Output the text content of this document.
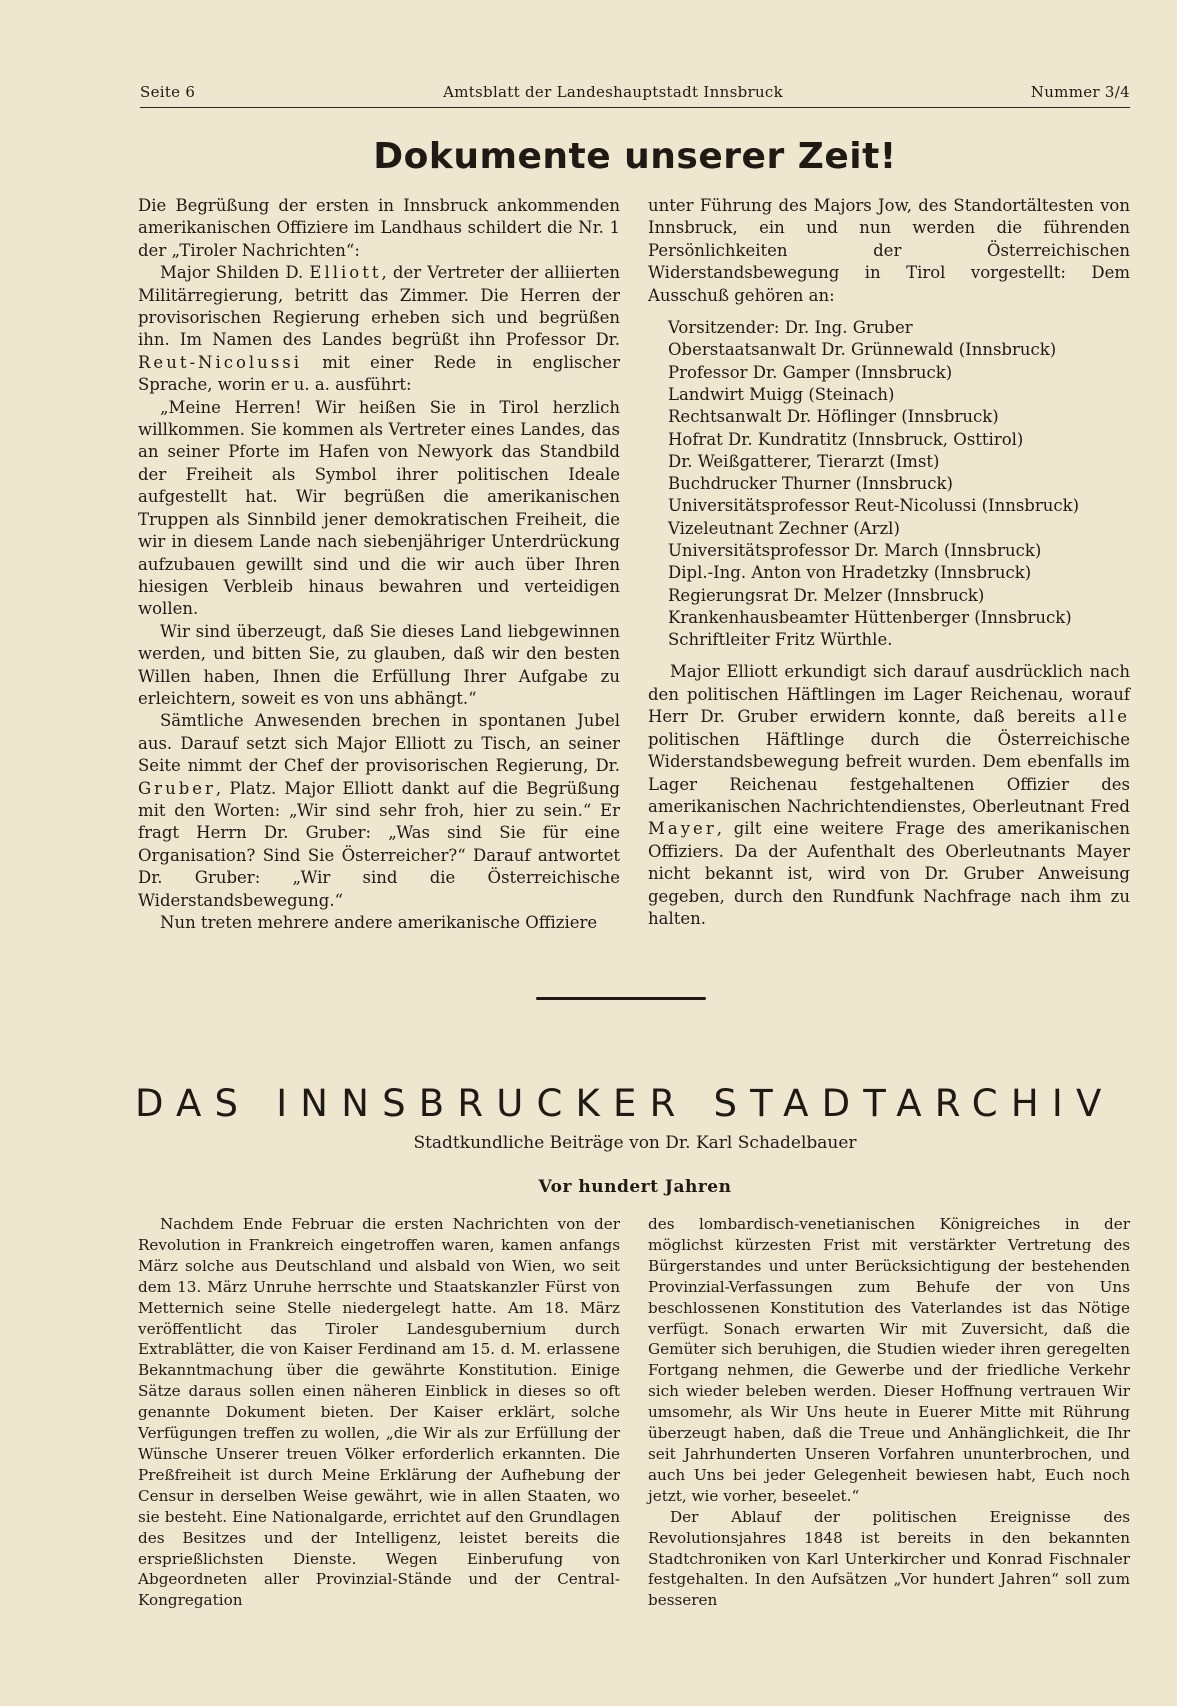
Seite 6	Amtsblatt der Landeshauptstadt Innsbruck	Nummer 3/4
Dokumente unserer Zeit!

Die Begrüßung der ersten in Innsbruck ankommenden amerikanischen Offiziere im Landhaus schildert die Nr. 1 der „Tiroler Nachrichten“:

Major Shilden D. Elliott, der Vertreter der alliierten Militärregierung, betritt das Zimmer. Die Herren der provisorischen Regierung erheben sich und begrüßen ihn. Im Namen des Landes begrüßt ihn Professor Dr. Reut-Nicolussi mit einer Rede in englischer Sprache, worin er u. a. ausführt:

„Meine Herren! Wir heißen Sie in Tirol herzlich willkommen. Sie kommen als Vertreter eines Landes, das an seiner Pforte im Hafen von Newyork das Standbild der Freiheit als Symbol ihrer politischen Ideale aufgestellt hat. Wir begrüßen die amerikanischen Truppen als Sinnbild jener demokratischen Freiheit, die wir in diesem Lande nach siebenjähriger Unterdrückung aufzubauen gewillt sind und die wir auch über Ihren hiesigen Verbleib hinaus bewahren und verteidigen wollen.

Wir sind überzeugt, daß Sie dieses Land liebgewinnen werden, und bitten Sie, zu glauben, daß wir den besten Willen haben, Ihnen die Erfüllung Ihrer Aufgabe zu erleichtern, soweit es von uns abhängt.“

Sämtliche Anwesenden brechen in spontanen Jubel aus. Darauf setzt sich Major Elliott zu Tisch, an seiner Seite nimmt der Chef der provisorischen Regierung, Dr. Gruber, Platz. Major Elliott dankt auf die Begrüßung mit den Worten: „Wir sind sehr froh, hier zu sein.“ Er fragt Herrn Dr. Gruber: „Was sind Sie für eine Organisation? Sind Sie Österreicher?“ Darauf antwortet Dr. Gruber: „Wir sind die Österreichische Widerstandsbewegung.“

Nun treten mehrere andere amerikanische Offiziere

unter Führung des Majors Jow, des Standortältesten von Innsbruck, ein und nun werden die führenden Persönlichkeiten der Österreichischen Widerstandsbewegung in Tirol vorgestellt: Dem Ausschuß gehören an:

Vorsitzender: Dr. Ing. Gruber
Oberstaatsanwalt Dr. Grünnewald (Innsbruck)
Professor Dr. Gamper (Innsbruck)
Landwirt Muigg (Steinach)
Rechtsanwalt Dr. Höflinger (Innsbruck)
Hofrat Dr. Kundratitz (Innsbruck, Osttirol)
Dr. Weißgatterer, Tierarzt (Imst)
Buchdrucker Thurner (Innsbruck)
Universitätsprofessor Reut-Nicolussi (Innsbruck)
Vizeleutnant Zechner (Arzl)
Universitätsprofessor Dr. March (Innsbruck)
Dipl.-Ing. Anton von Hradetzky (Innsbruck)
Regierungsrat Dr. Melzer (Innsbruck)
Krankenhausbeamter Hüttenberger (Innsbruck)
Schriftleiter Fritz Würthle.

Major Elliott erkundigt sich darauf ausdrücklich nach den politischen Häftlingen im Lager Reichenau, worauf Herr Dr. Gruber erwidern konnte, daß bereits alle politischen Häftlinge durch die Österreichische Widerstandsbewegung befreit wurden. Dem ebenfalls im Lager Reichenau festgehaltenen Offizier des amerikanischen Nachrichtendienstes, Oberleutnant Fred Mayer, gilt eine weitere Frage des amerikanischen Offiziers. Da der Aufenthalt des Oberleutnants Mayer nicht bekannt ist, wird von Dr. Gruber Anweisung gegeben, durch den Rundfunk Nachfrage nach ihm zu halten.

DAS INNSBRUCKER STADTARCHIV
Stadtkundliche Beiträge von Dr. Karl Schadelbauer
Vor hundert Jahren

Nachdem Ende Februar die ersten Nachrichten von der Revolution in Frankreich eingetroffen waren, kamen anfangs März solche aus Deutschland und alsbald von Wien, wo seit dem 13. März Unruhe herrschte und Staatskanzler Fürst von Metternich seine Stelle niedergelegt hatte. Am 18. März veröffentlicht das Tiroler Landesgubernium durch Extrablätter, die von Kaiser Ferdinand am 15. d. M. erlassene Bekanntmachung über die gewährte Konstitution. Einige Sätze daraus sollen einen näheren Einblick in dieses so oft genannte Dokument bieten. Der Kaiser erklärt, solche Verfügungen treffen zu wollen, „die Wir als zur Erfüllung der Wünsche Unserer treuen Völker erforderlich erkannten. Die Preßfreiheit ist durch Meine Erklärung der Aufhebung der Censur in derselben Weise gewährt, wie in allen Staaten, wo sie besteht. Eine Nationalgarde, errichtet auf den Grundlagen des Besitzes und der Intelligenz, leistet bereits die ersprießlichsten Dienste. Wegen Einberufung von Abgeordneten aller Provinzial-Stände und der Central-Kongregation

des lombardisch-venetianischen Königreiches in der möglichst kürzesten Frist mit verstärkter Vertretung des Bürgerstandes und unter Berücksichtigung der bestehenden Provinzial-Verfassungen zum Behufe der von Uns beschlossenen Konstitution des Vaterlandes ist das Nötige verfügt. Sonach erwarten Wir mit Zuversicht, daß die Gemüter sich beruhigen, die Studien wieder ihren geregelten Fortgang nehmen, die Gewerbe und der friedliche Verkehr sich wieder beleben werden. Dieser Hoffnung vertrauen Wir umsomehr, als Wir Uns heute in Euerer Mitte mit Rührung überzeugt haben, daß die Treue und Anhänglichkeit, die Ihr seit Jahrhunderten Unseren Vorfahren ununterbrochen, und auch Uns bei jeder Gelegenheit bewiesen habt, Euch noch jetzt, wie vorher, beseelet.“

Der Ablauf der politischen Ereignisse des Revolutionsjahres 1848 ist bereits in den bekannten Stadtchroniken von Karl Unterkircher und Konrad Fischnaler festgehalten. In den Aufsätzen „Vor hundert Jahren“ soll zum besseren
